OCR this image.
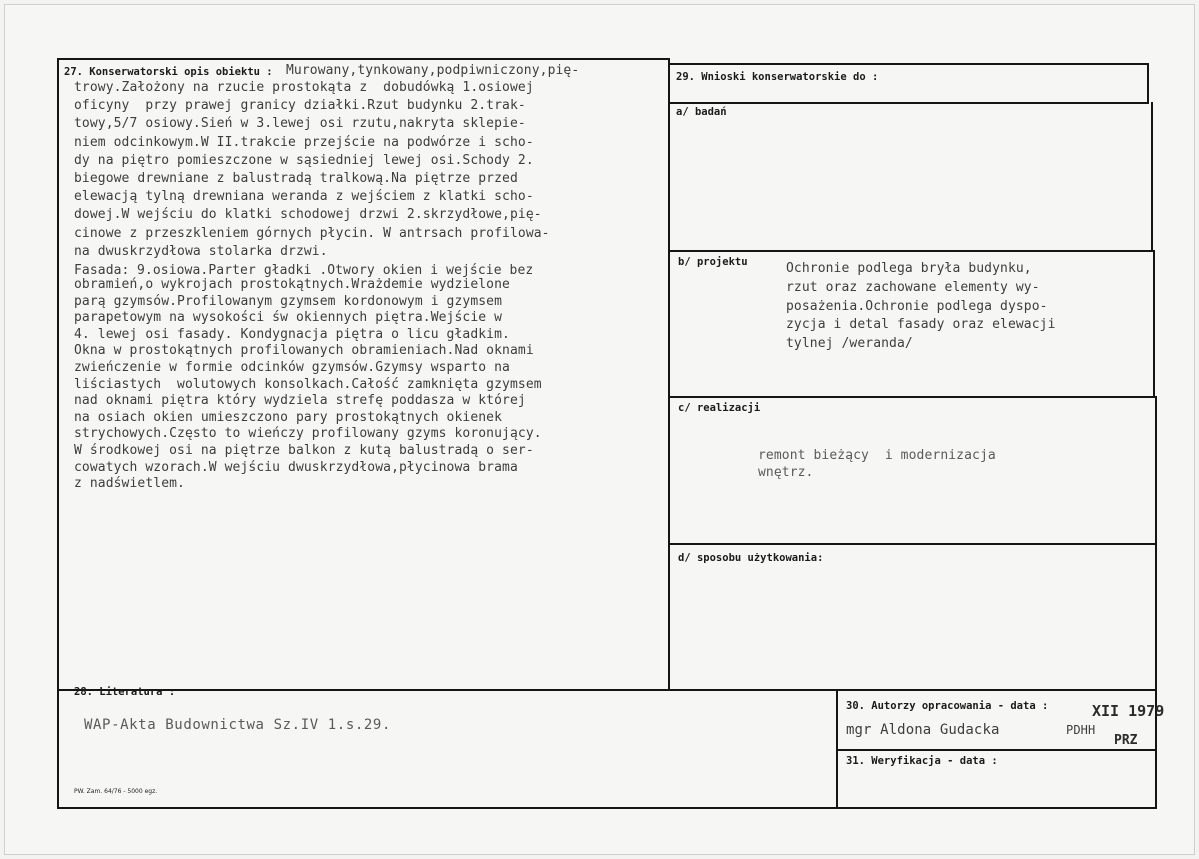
27. Konserwatorski opis obiektu : Murowany,tynkowany,podpiwniczony,pię-
trowy.Założony na rzucie prostokąta z  dobudówką 1.osiowej
oficyny  przy prawej granicy działki.Rzut budynku 2.trak-
towy,5/7 osiowy.Sień w 3.lewej osi rzutu,nakryta sklepie-
niem odcinkowym.W II.trakcie przejście na podwórze i scho-
dy na piętro pomieszczone w sąsiedniej lewej osi.Schody 2.
biegowe drewniane z balustradą tralkową.Na piętrze przed
elewacją tylną drewniana weranda z wejściem z klatki scho-
dowej.W wejściu do klatki schodowej drzwi 2.skrzydłowe,pię-
cinowe z przeszkleniem górnych płycin. W antrsach profilowa-
na dwuskrzydłowa stolarka drzwi.
Fasada: 9.osiowa.Parter gładki .Otwory okien i wejście bez
obramień,o wykrojach prostokątnych.Wrażdemie wydzielone
parą gzymsów.Profilowanym gzymsem kordonowym i gzymsem
parapetowym na wysokości św okiennych piętra.Wejście w
4. lewej osi fasady. Kondygnacja piętra o licu gładkim.
Okna w prostokątnych profilowanych obramieniach.Nad oknami
zwieńczenie w formie odcinków gzymsów.Gzymsy wsparto na
liściastych  wolutowych konsolkach.Całość zamknięta gzymsem
nad oknami piętra który wydziela strefę poddasza w której
na osiach okien umieszczono pary prostokątnych okienek
strychowych.Często to wieńczy profilowany gzyms koronujący.
W środkowej osi na piętrze balkon z kutą balustradą o ser-
cowatych wzorach.W wejściu dwuskrzydłowa,płycinowa brama
z nadświetlem.
29. Wnioski konserwatorskie do :
a/ badań
b/ projektu	Ochronie podlega bryła budynku,
rzut oraz zachowane elementy wy-
posażenia.Ochronie podlega dyspo-
zycja i detal fasady oraz elewacji
tylnej /weranda/
c/ realizacji
remont bieżący  i modernizacja
wnętrz.
d/ sposobu użytkowania:
28. Literatura :
WAP-Akta Budownictwa Sz.IV 1.s.29.
PW. Zam. 64/76 - 5000 egz.
30. Autorzy opracowania - data :	XII 1979
mgr Aldona Gudacka	PDHH
PRZ
31. Weryfikacja - data :
